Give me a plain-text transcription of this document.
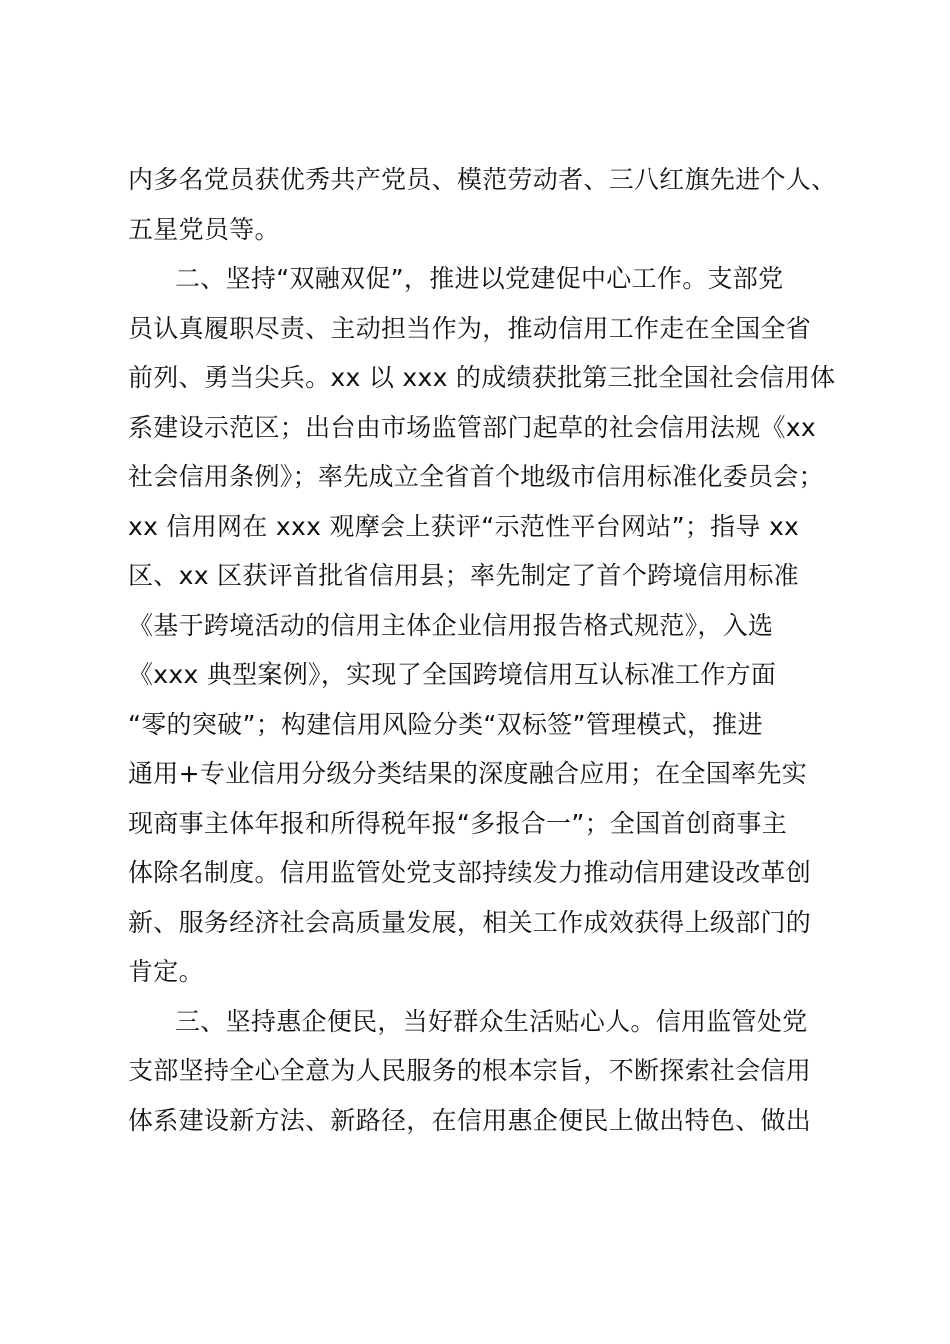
内多名党员获优秀共产党员、模范劳动者、三八红旗先进个人、
五星党员等。
二、坚持“双融双促”，推进以党建促中心工作。支部党
员认真履职尽责、主动担当作为，推动信用工作走在全国全省
前列、勇当尖兵。xx 以 xxx 的成绩获批第三批全国社会信用体
系建设示范区；出台由市场监管部门起草的社会信用法规《xx
社会信用条例》；率先成立全省首个地级市信用标准化委员会；
xx 信用网在 xxx 观摩会上获评“示范性平台网站”；指导 xx
区、xx 区获评首批省信用县；率先制定了首个跨境信用标准
《基于跨境活动的信用主体企业信用报告格式规范》，入选
《xxx 典型案例》，实现了全国跨境信用互认标准工作方面
“零的突破”；构建信用风险分类“双标签”管理模式，推进
通用+专业信用分级分类结果的深度融合应用；在全国率先实
现商事主体年报和所得税年报“多报合一”；全国首创商事主
体除名制度。信用监管处党支部持续发力推动信用建设改革创
新、服务经济社会高质量发展，相关工作成效获得上级部门的
肯定。
三、坚持惠企便民，当好群众生活贴心人。信用监管处党
支部坚持全心全意为人民服务的根本宗旨，不断探索社会信用
体系建设新方法、新路径，在信用惠企便民上做出特色、做出
